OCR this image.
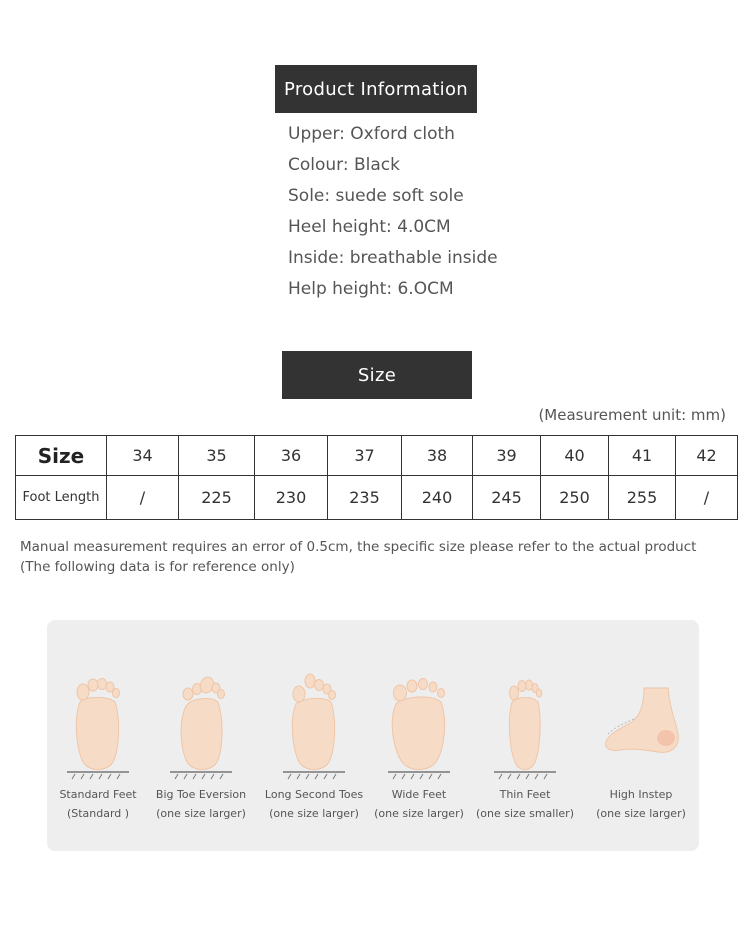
Product Information
Upper: Oxford cloth
Colour: Black
Sole: suede soft sole
Heel height: 4.0CM
Inside: breathable inside
Help height: 6.OCM
Size
(Measurement unit: mm)
Size	34	35	36	37	38	39	40	41	42
Foot Length	/	225	230	235	240	245	250	255	/
Manual measurement requires an error of 0.5cm, the specific size please refer to the actual product (The following data is for reference only)
Standard Feet
(Standard )
Big Toe Eversion
(one size larger)
Long Second Toes
(one size larger)
Wide Feet
(one size larger)
Thin Feet
(one size smaller)
High Instep
(one size larger)
